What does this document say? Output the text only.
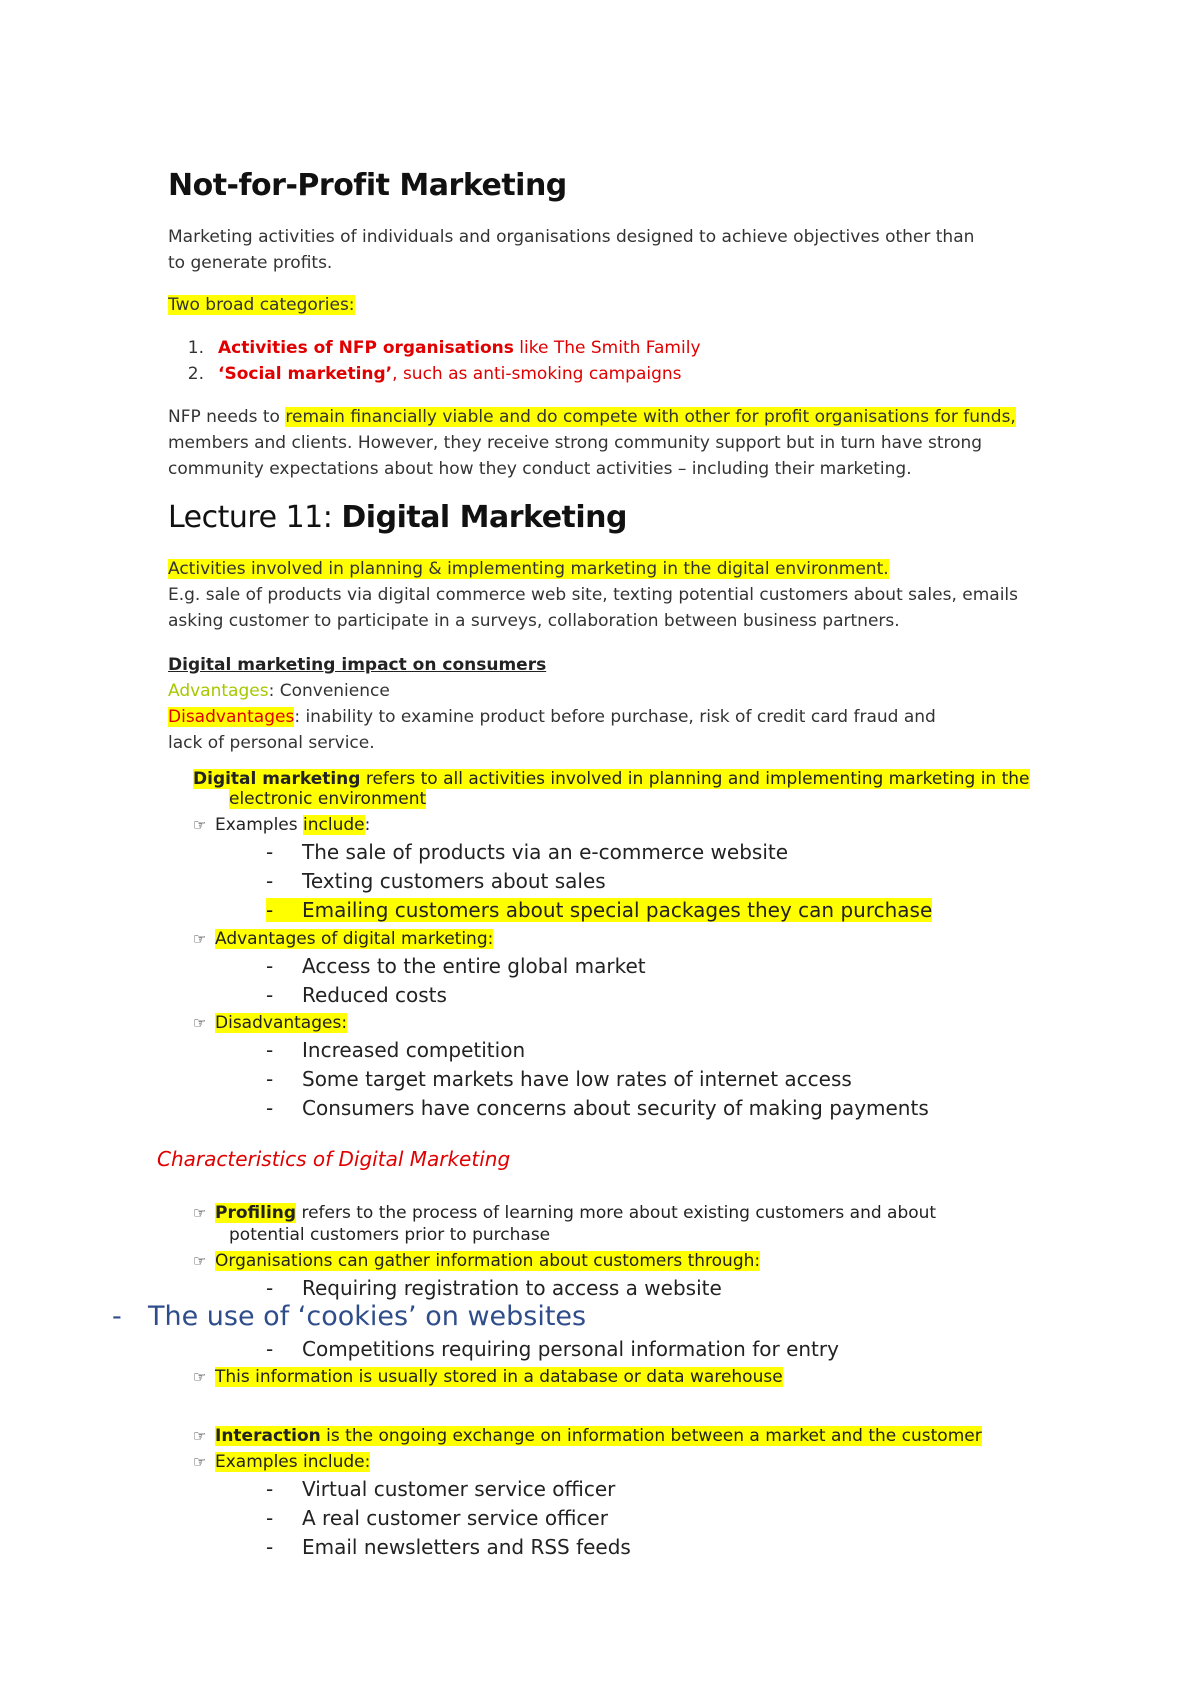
Not-for-Profit Marketing
Marketing activities of individuals and organisations designed to achieve objectives other than
to generate profits.
Two broad categories:
1. Activities of NFP organisations like The Smith Family
2. ‘Social marketing’, such as anti-smoking campaigns
NFP needs to remain financially viable and do compete with other for profit organisations for funds,
members and clients. However, they receive strong community support but in turn have strong
community expectations about how they conduct activities – including their marketing.
Lecture 11: Digital Marketing
Activities involved in planning & implementing marketing in the digital environment.
E.g. sale of products via digital commerce web site, texting potential customers about sales, emails
asking customer to participate in a surveys, collaboration between business partners.
Digital marketing impact on consumers
Advantages: Convenience
Disadvantages: inability to examine product before purchase, risk of credit card fraud and
lack of personal service.
Digital marketing refers to all activities involved in planning and implementing marketing in the
electronic environment
☞ Examples include:
- The sale of products via an e-commerce website
- Texting customers about sales
- Emailing customers about special packages they can purchase
☞ Advantages of digital marketing:
- Access to the entire global market
- Reduced costs
☞ Disadvantages:
- Increased competition
- Some target markets have low rates of internet access
- Consumers have concerns about security of making payments
Characteristics of Digital Marketing
☞ Profiling refers to the process of learning more about existing customers and about
potential customers prior to purchase
☞ Organisations can gather information about customers through:
- Requiring registration to access a website
- The use of ‘cookies’ on websites
- Competitions requiring personal information for entry
☞ This information is usually stored in a database or data warehouse
☞ Interaction is the ongoing exchange on information between a market and the customer
☞ Examples include:
- Virtual customer service officer
- A real customer service officer
- Email newsletters and RSS feeds
